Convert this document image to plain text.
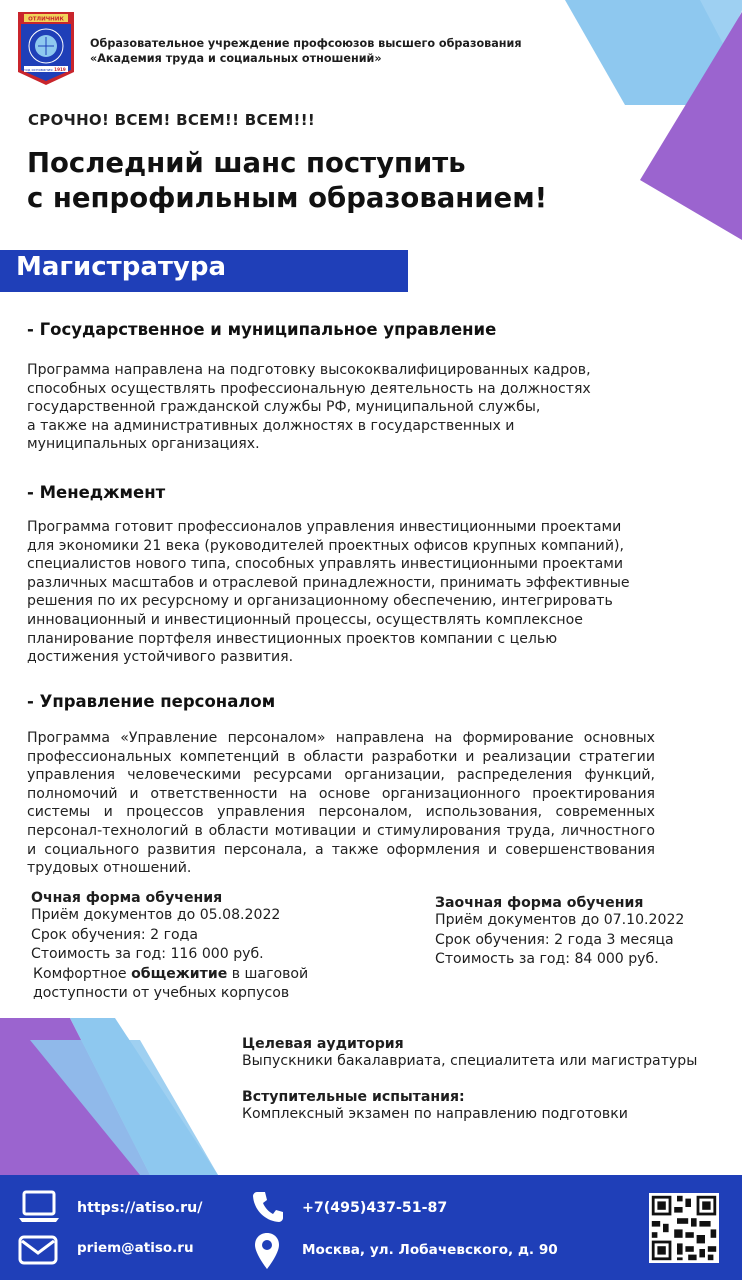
ОТЛИЧНИК
год основания 1919
Образовательное учреждение профсоюзов высшего образования
«Академия труда и социальных отношений»
СРОЧНО! ВСЕМ! ВСЕМ!! ВСЕМ!!!
Последний шанс поступить
с непрофильным образованием!
Магистратура
- Государственное и муниципальное управление
Программа направлена на подготовку высококвалифицированных кадров,
способных осуществлять профессиональную деятельность на должностях
государственной гражданской службы РФ, муниципальной службы,
а также на административных должностях в государственных и
муниципальных организациях.
- Менеджмент
Программа готовит профессионалов управления инвестиционными проектами
для экономики 21 века (руководителей проектных офисов крупных компаний),
специалистов нового типа, способных управлять инвестиционными проектами
различных масштабов и отраслевой принадлежности, принимать эффективные
решения по их ресурсному и организационному обеспечению, интегрировать
инновационный и инвестиционный процессы, осуществлять комплексное
планирование портфеля инвестиционных проектов компании с целью
достижения устойчивого развития.
- Управление персоналом
Программа «Управление персоналом» направлена на формирование основных профессиональных компетенций в области разработки и реализации стратегии управления человеческими ресурсами организации, распределения функций, полномочий и ответственности на основе организационного проектирования системы и процессов управления персоналом, использования, современных персонал-технологий в области мотивации и стимулирования труда, личностного и социального развития персонала, а также оформления и совершенствования трудовых отношений.
Очная форма обучения
Приём документов до 05.08.2022
Срок обучения: 2 года
Стоимость за год: 116 000 руб.
Комфортное общежитие в шаговой
доступности от учебных корпусов
Заочная форма обучения
Приём документов до 07.10.2022
Срок обучения: 2 года 3 месяца
Стоимость за год: 84 000 руб.
Целевая аудитория
Выпускники бакалавриата, специалитета или магистратуры
Вступительные испытания:
Комплексный экзамен по направлению подготовки
https://atiso.ru/	+7(495)437-51-87
priem@atiso.ru	Москва, ул. Лобачевского, д. 90
